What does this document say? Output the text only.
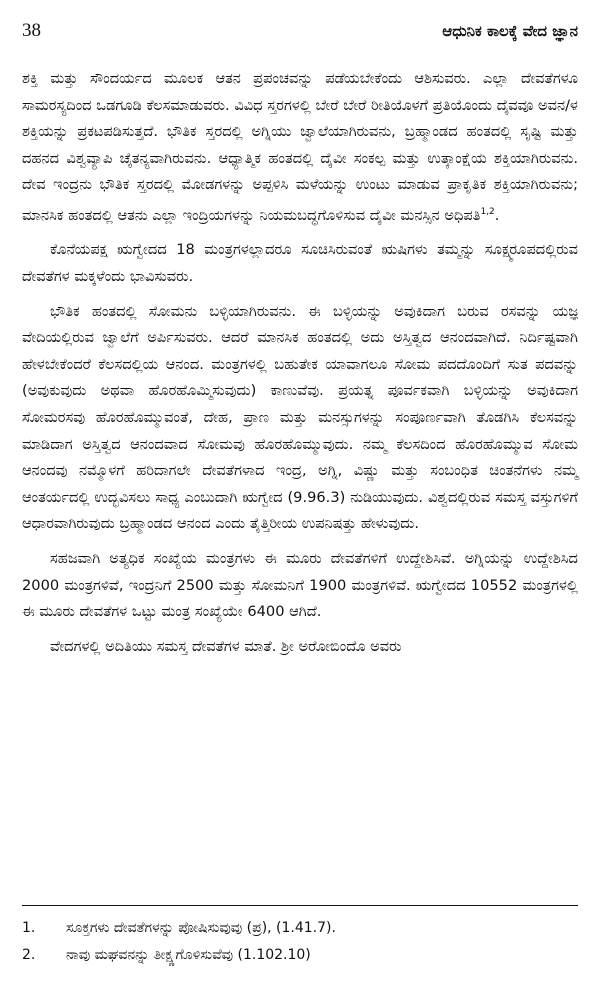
38	ಆಧುನಿಕ ಕಾಲಕ್ಕೆ ವೇದ ಜ್ಞಾನ

ಶಕ್ತಿ ಮತ್ತು ಸೌಂದರ್ಯದ ಮೂಲಕ ಆತನ ಪ್ರಪಂಚವನ್ನು ಪಡೆಯಬೇಕೆಂದು ಆಶಿಸುವರು. ಎಲ್ಲಾ ದೇವತೆಗಳೂ ಸಾಮರಸ್ಯದಿಂದ ಒಡಗೂಡಿ ಕೆಲಸಮಾಡುವರು. ವಿವಿಧ ಸ್ತರಗಳಲ್ಲಿ ಬೇರೆ ಬೇರೆ ರೀತಿಯೊಳಗೆ ಪ್ರತಿಯೊಂದು ದೈವವೂ ಅವನ/ಳ ಶಕ್ತಿಯನ್ನು ಪ್ರಕಟಪಡಿಸುತ್ತದೆ. ಭೌತಿಕ ಸ್ತರದಲ್ಲಿ ಅಗ್ನಿಯು ಜ್ವಾಲೆಯಾಗಿರುವನು, ಬ್ರಹ್ಮಾಂಡದ ಹಂತದಲ್ಲಿ ಸೃಷ್ಟಿ ಮತ್ತು ದಹನದ ವಿಶ್ವವ್ಯಾಪಿ ಚೈತನ್ಯವಾಗಿರುವನು. ಆಧ್ಯಾತ್ಮಿಕ ಹಂತದಲ್ಲಿ ದೈವೀ ಸಂಕಲ್ಪ ಮತ್ತು ಉತ್ಕಾಂಕ್ಷೆಯ ಶಕ್ತಿಯಾಗಿರುವನು. ದೇವ ಇಂದ್ರನು ಭೌತಿಕ ಸ್ತರದಲ್ಲಿ ಮೋಡಗಳನ್ನು ಅಪ್ಪಳಿಸಿ ಮಳೆಯನ್ನು ಉಂಟು ಮಾಡುವ ಪ್ರಾಕೃತಿಕ ಶಕ್ತಿಯಾಗಿರುವನು; ಮಾನಸಿಕ ಹಂತದಲ್ಲಿ ಆತನು ಎಲ್ಲಾ ಇಂದ್ರಿಯಗಳನ್ನು ನಿಯಮಬದ್ಧಗೊಳಿಸುವ ದೈವೀ ಮನಸ್ಸಿನ ಅಧಿಪತಿ$^{1,2}$.

ಕೊನೆಯಪಕ್ಷ ಋಗ್ವೇದದ 18 ಮಂತ್ರಗಳಲ್ಲಾದರೂ ಸೂಚಿಸಿರುವಂತೆ ಋಷಿಗಳು ತಮ್ಮನ್ನು ಸೂಕ್ಷ್ಮರೂಪದಲ್ಲಿರುವ ದೇವತೆಗಳ ಮಕ್ಕಳೆಂದು ಭಾವಿಸುವರು.

ಭೌತಿಕ ಹಂತದಲ್ಲಿ ಸೋಮನು ಬಳ್ಳಿಯಾಗಿರುವನು. ಈ ಬಳ್ಳಿಯನ್ನು ಅವುಕಿದಾಗ ಬರುವ ರಸವನ್ನು ಯಜ್ಞ ವೇದಿಯಲ್ಲಿರುವ ಜ್ವಾಲೆಗೆ ಅರ್ಪಿಸುವರು. ಆದರೆ ಮಾನಸಿಕ ಹಂತದಲ್ಲಿ ಅದು ಅಸ್ತಿತ್ವದ ಆನಂದವಾಗಿದೆ. ನಿರ್ದಿಷ್ಟವಾಗಿ ಹೇಳಬೇಕೆಂದರೆ ಕೆಲಸದಲ್ಲಿಯ ಆನಂದ. ಮಂತ್ರಗಳಲ್ಲಿ ಬಹುತೇಕ ಯಾವಾಗಲೂ ಸೋಮ ಪದದೊಂದಿಗೆ ಸುತ ಪದವನ್ನು (ಅವುಕುವುದು ಅಥವಾ ಹೊರಹೊಮ್ಮಿಸುವುದು) ಕಾಣುವೆವು. ಪ್ರಯತ್ನ ಪೂರ್ವಕವಾಗಿ ಬಳ್ಳಿಯನ್ನು ಅವುಕಿದಾಗ ಸೋಮರಸವು ಹೊರಹೊಮ್ಮುವಂತೆ, ದೇಹ, ಪ್ರಾಣ ಮತ್ತು ಮನಸ್ಸುಗಳನ್ನು ಸಂಪೂರ್ಣವಾಗಿ ತೊಡಗಿಸಿ ಕೆಲಸವನ್ನು ಮಾಡಿದಾಗ ಅಸ್ತಿತ್ವದ ಆನಂದವಾದ ಸೋಮವು ಹೊರಹೊಮ್ಮುವುದು. ನಮ್ಮ ಕೆಲಸದಿಂದ ಹೊರಹೊಮ್ಮುವ ಸೋಮ ಆನಂದವು ನಮ್ಮೊಳಗೆ ಹರಿದಾಗಲೇ ದೇವತೆಗಳಾದ ಇಂದ್ರ, ಅಗ್ನಿ, ವಿಷ್ಣು ಮತ್ತು ಸಂಬಂಧಿತ ಚಿಂತನೆಗಳು ನಮ್ಮ ಆಂತರ್ಯದಲ್ಲಿ ಉದ್ಭವಿಸಲು ಸಾಧ್ಯ ಎಂಬುದಾಗಿ ಋಗ್ವೇದ (9.96.3) ನುಡಿಯುವುದು. ವಿಶ್ವದಲ್ಲಿರುವ ಸಮಸ್ತ ವಸ್ತುಗಳಿಗೆ ಆಧಾರವಾಗಿರುವುದು ಬ್ರಹ್ಮಾಂಡದ ಆನಂದ ಎಂದು ತೈತ್ತಿರೀಯ ಉಪನಿಷತ್ತು ಹೇಳುವುದು.

ಸಹಜವಾಗಿ ಅತ್ಯಧಿಕ ಸಂಖ್ಯೆಯ ಮಂತ್ರಗಳು ಈ ಮೂರು ದೇವತೆಗಳಿಗೆ ಉದ್ದೇಶಿಸಿವೆ. ಅಗ್ನಿಯನ್ನು ಉದ್ದೇಶಿಸಿದ 2000 ಮಂತ್ರಗಳಿವೆ, ಇಂದ್ರನಿಗೆ 2500 ಮತ್ತು ಸೋಮನಿಗೆ 1900 ಮಂತ್ರಗಳಿವೆ. ಋಗ್ವೇದದ 10552 ಮಂತ್ರಗಳಲ್ಲಿ ಈ ಮೂರು ದೇವತೆಗಳ ಒಟ್ಟು ಮಂತ್ರ ಸಂಖ್ಯೆಯೇ 6400 ಆಗಿದೆ.

ವೇದಗಳಲ್ಲಿ ಅದಿತಿಯು ಸಮಸ್ತ ದೇವತೆಗಳ ಮಾತೆ. ಶ್ರೀ ಅರೋಬಿಂದೊ ಅವರು

1. ಸೂಕ್ತಗಳು ದೇವತೆಗಳನ್ನು ಪೋಷಿಸುವುವು (ಪ್ರ), (1.41.7).
2. ನಾವು ಮಘವನನ್ನು ತೀಕ್ಷ್ಣಗೊಳಿಸುವೆವು (1.102.10)
